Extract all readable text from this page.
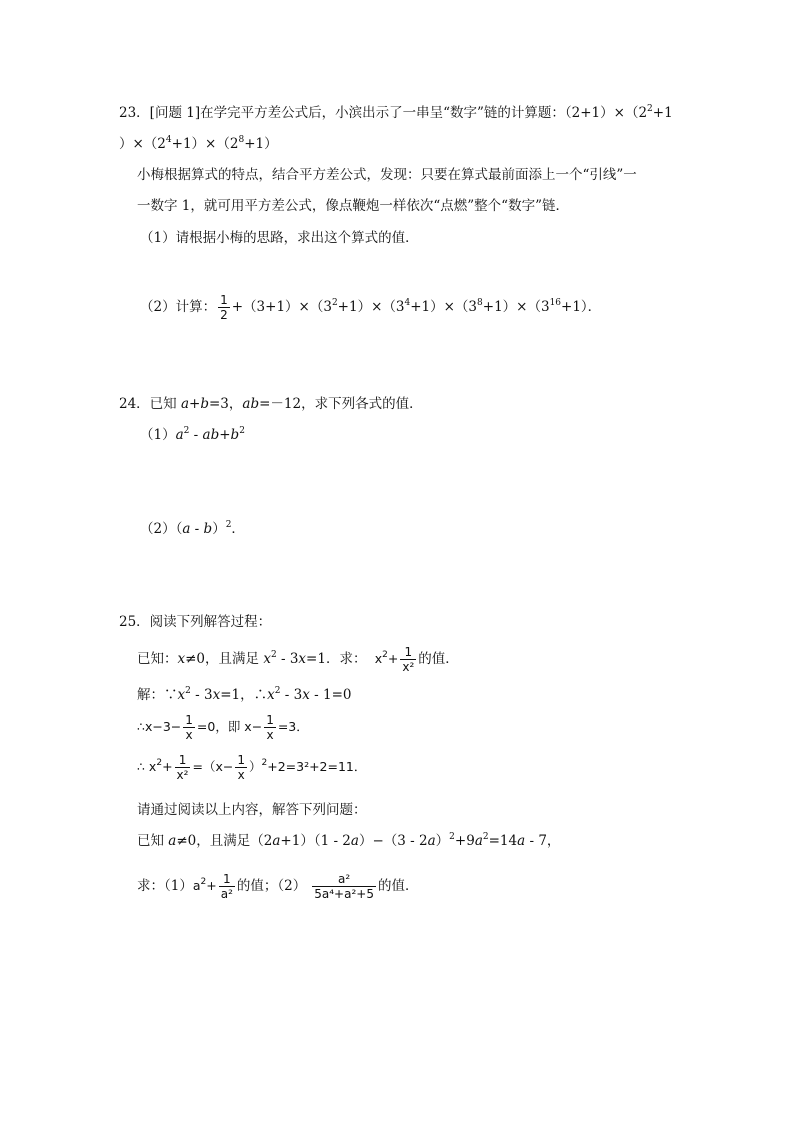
23．[问题 1]在学完平方差公式后，小滨出示了一串呈“数字”链的计算题：$(2+1)\times(2^2+1$
）$\times(2^4+1)\times(2^8+1)$
小梅根据算式的特点，结合平方差公式，发现：只要在算式最前面添上一个“引线”一
一数字 1，就可用平方差公式，像点鞭炮一样依次“点燃”整个“数字”链．
（1）请根据小梅的思路，求出这个算式的值．
（2）计算： $\frac{1}{2} +(3+1)\times(3^2+1)\times(3^4+1)\times(3^8+1)\times(3^{16}+1)$．
24．已知 a+b=3，ab=－12，求下列各式的值．
$(1)a^2 - ab+b^2$
（2）（a - b）$^2$．
25．阅读下列解答过程：
已知：x≠0，且满足 $x^2 - 3x=1$．求： $x^2+ \frac{1}{\text{x²}}$ 的值．
解：$\because x^2 - 3x=1$，$\therefore x^2 - 3x - 1=0$
∴x−3− $\frac{1}{x} =0$，即 $x- \frac{1}{x} =3$．
∴ $x^2+ \frac{1}{\text{x²}} =(x- \frac{1}{x} )^2+2=3^2+2=11$．
请通过阅读以上内容，解答下列问题：
已知 a≠0，且满足$(2a+1)(1 - 2a)-(3 - 2a)^2+9a^2=14a - 7$，
求：$(1)a^2+ \frac{1}{\text{a²}}$ 的值；$(2) \frac{\text{a²}}{\text{5a⁴+a²+5}}$ 的值．
